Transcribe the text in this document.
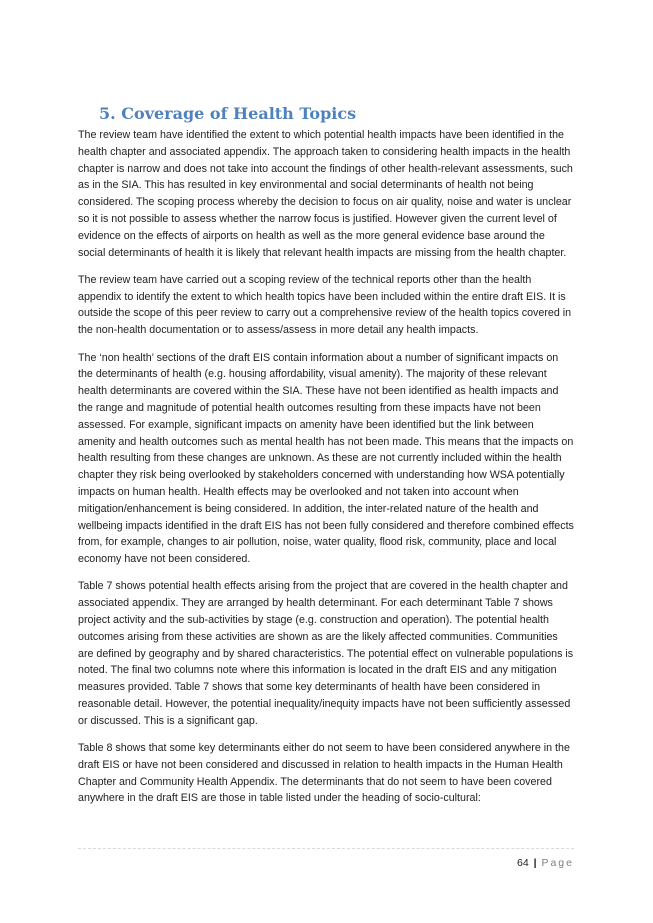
5. Coverage of Health Topics

The review team have identified the extent to which potential health impacts have been identified in the health chapter and associated appendix. The approach taken to considering health impacts in the health chapter is narrow and does not take into account the findings of other health-relevant assessments, such as in the SIA. This has resulted in key environmental and social determinants of health not being considered. The scoping process whereby the decision to focus on air quality, noise and water is unclear so it is not possible to assess whether the narrow focus is justified. However given the current level of evidence on the effects of airports on health as well as the more general evidence base around the social determinants of health it is likely that relevant health impacts are missing from the health chapter.

The review team have carried out a scoping review of the technical reports other than the health appendix to identify the extent to which health topics have been included within the entire draft EIS. It is outside the scope of this peer review to carry out a comprehensive review of the health topics covered in the non-health documentation or to assess/assess in more detail any health impacts.

The ‘non health’ sections of the draft EIS contain information about a number of significant impacts on the determinants of health (e.g. housing affordability, visual amenity). The majority of these relevant health determinants are covered within the SIA. These have not been identified as health impacts and the range and magnitude of potential health outcomes resulting from these impacts have not been assessed. For example, significant impacts on amenity have been identified but the link between amenity and health outcomes such as mental health has not been made. This means that the impacts on health resulting from these changes are unknown. As these are not currently included within the health chapter they risk being overlooked by stakeholders concerned with understanding how WSA potentially impacts on human health. Health effects may be overlooked and not taken into account when mitigation/enhancement is being considered. In addition, the inter-related nature of the health and wellbeing impacts identified in the draft EIS has not been fully considered and therefore combined effects from, for example, changes to air pollution, noise, water quality, flood risk, community, place and local economy have not been considered.

Table 7 shows potential health effects arising from the project that are covered in the health chapter and associated appendix. They are arranged by health determinant. For each determinant Table 7 shows project activity and the sub-activities by stage (e.g. construction and operation). The potential health outcomes arising from these activities are shown as are the likely affected communities. Communities are defined by geography and by shared characteristics. The potential effect on vulnerable populations is noted. The final two columns note where this information is located in the draft EIS and any mitigation measures provided. Table 7 shows that some key determinants of health have been considered in reasonable detail. However, the potential inequality/inequity impacts have not been sufficiently assessed or discussed. This is a significant gap.

Table 8 shows that some key determinants either do not seem to have been considered anywhere in the draft EIS or have not been considered and discussed in relation to health impacts in the Human Health Chapter and Community Health Appendix. The determinants that do not seem to have been covered anywhere in the draft EIS are those in table listed under the heading of socio-cultural:

64 | Page
